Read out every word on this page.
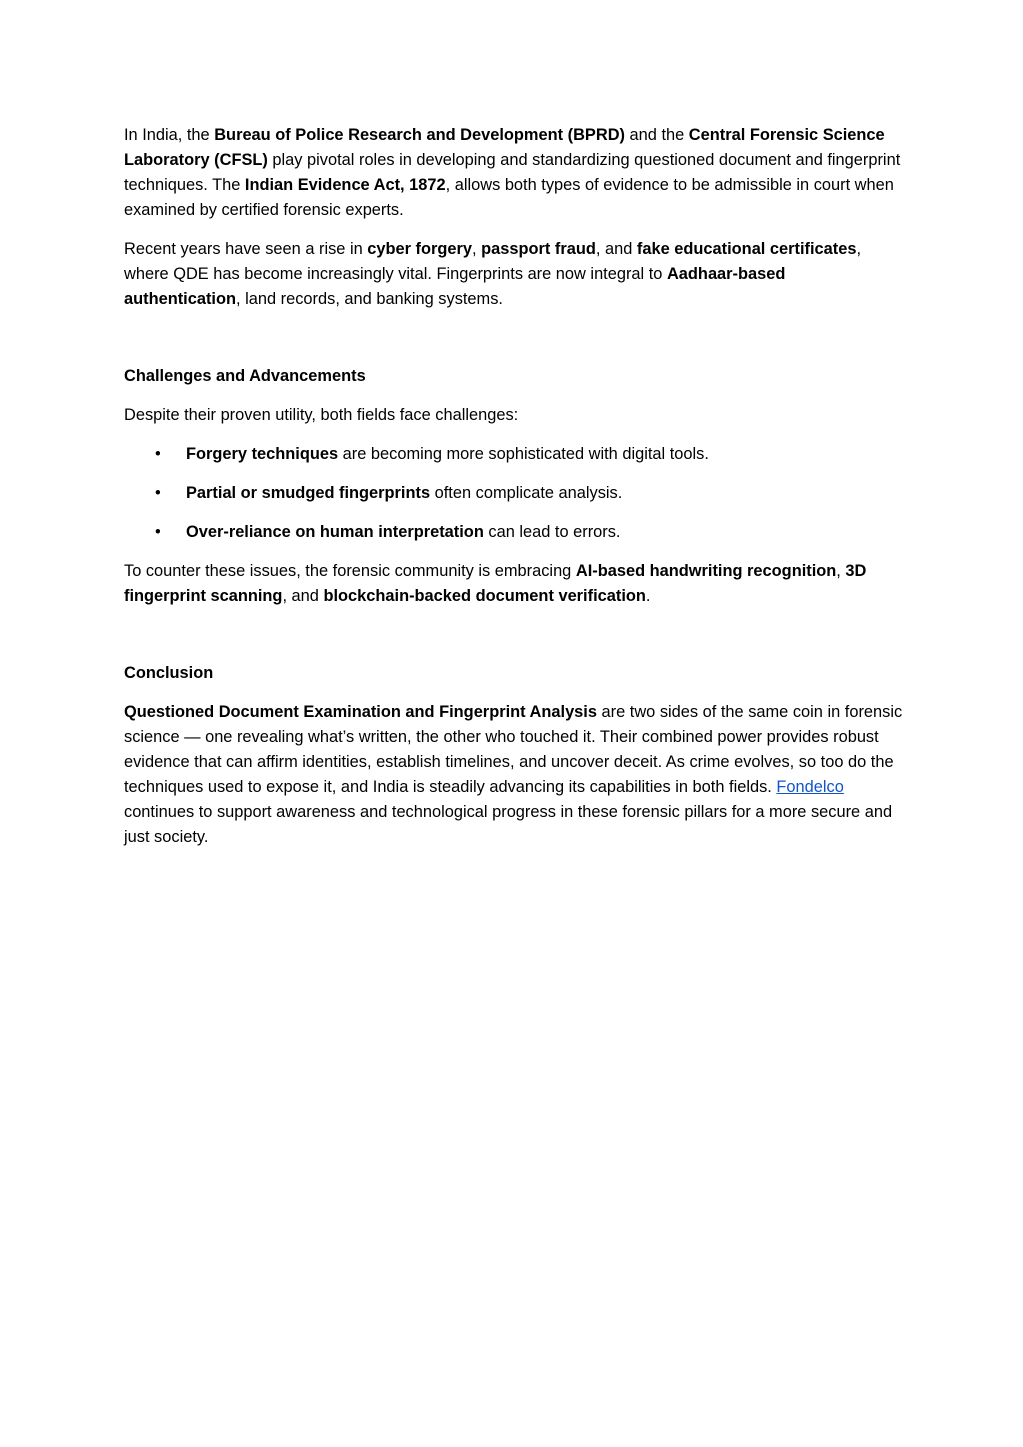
In India, the Bureau of Police Research and Development (BPRD) and the Central Forensic Science Laboratory (CFSL) play pivotal roles in developing and standardizing questioned document and fingerprint techniques. The Indian Evidence Act, 1872, allows both types of evidence to be admissible in court when examined by certified forensic experts.

Recent years have seen a rise in cyber forgery, passport fraud, and fake educational certificates, where QDE has become increasingly vital. Fingerprints are now integral to Aadhaar-based authentication, land records, and banking systems.

Challenges and Advancements

Despite their proven utility, both fields face challenges:

• Forgery techniques are becoming more sophisticated with digital tools.
• Partial or smudged fingerprints often complicate analysis.
• Over-reliance on human interpretation can lead to errors.

To counter these issues, the forensic community is embracing AI-based handwriting recognition, 3D fingerprint scanning, and blockchain-backed document verification.

Conclusion

Questioned Document Examination and Fingerprint Analysis are two sides of the same coin in forensic science — one revealing what’s written, the other who touched it. Their combined power provides robust evidence that can affirm identities, establish timelines, and uncover deceit. As crime evolves, so too do the techniques used to expose it, and India is steadily advancing its capabilities in both fields. Fondelco continues to support awareness and technological progress in these forensic pillars for a more secure and just society.
